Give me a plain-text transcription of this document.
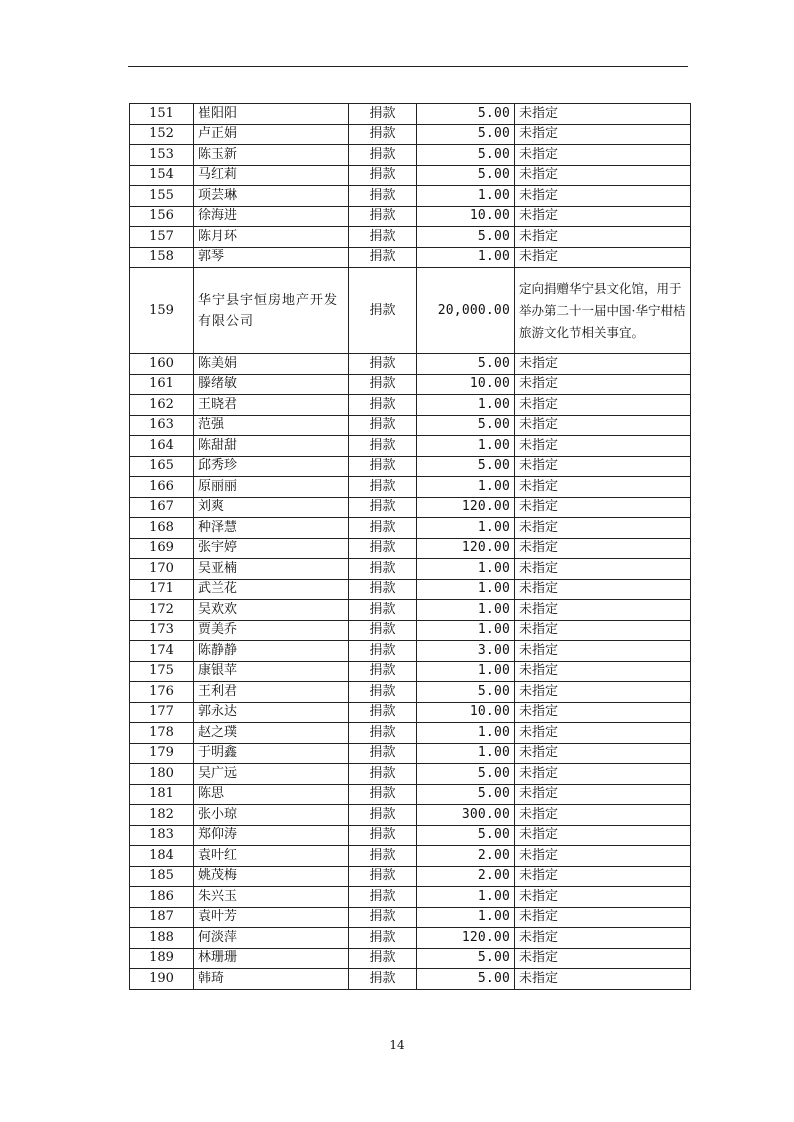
151	崔阳阳	捐款	5.00	未指定
152	卢正娟	捐款	5.00	未指定
153	陈玉新	捐款	5.00	未指定
154	马红莉	捐款	5.00	未指定
155	项芸琳	捐款	1.00	未指定
156	徐海进	捐款	10.00	未指定
157	陈月环	捐款	5.00	未指定
158	郭琴	捐款	1.00	未指定
159	华宁县宇恒房地产开发有限公司	捐款	20,000.00	定向捐赠华宁县文化馆，用于举办第二十一届中国·华宁柑桔旅游文化节相关事宜。
160	陈美娟	捐款	5.00	未指定
161	滕绪敏	捐款	10.00	未指定
162	王晓君	捐款	1.00	未指定
163	范强	捐款	5.00	未指定
164	陈甜甜	捐款	1.00	未指定
165	邱秀珍	捐款	5.00	未指定
166	原丽丽	捐款	1.00	未指定
167	刘爽	捐款	120.00	未指定
168	种泽慧	捐款	1.00	未指定
169	张宇婷	捐款	120.00	未指定
170	吴亚楠	捐款	1.00	未指定
171	武兰花	捐款	1.00	未指定
172	吴欢欢	捐款	1.00	未指定
173	贾美乔	捐款	1.00	未指定
174	陈静静	捐款	3.00	未指定
175	康银苹	捐款	1.00	未指定
176	王利君	捐款	5.00	未指定
177	郭永达	捐款	10.00	未指定
178	赵之璞	捐款	1.00	未指定
179	于明鑫	捐款	1.00	未指定
180	吴广远	捐款	5.00	未指定
181	陈思	捐款	5.00	未指定
182	张小琼	捐款	300.00	未指定
183	郑仰涛	捐款	5.00	未指定
184	袁叶红	捐款	2.00	未指定
185	姚茂梅	捐款	2.00	未指定
186	朱兴玉	捐款	1.00	未指定
187	袁叶芳	捐款	1.00	未指定
188	何淡萍	捐款	120.00	未指定
189	林珊珊	捐款	5.00	未指定
190	韩琦	捐款	5.00	未指定
14
